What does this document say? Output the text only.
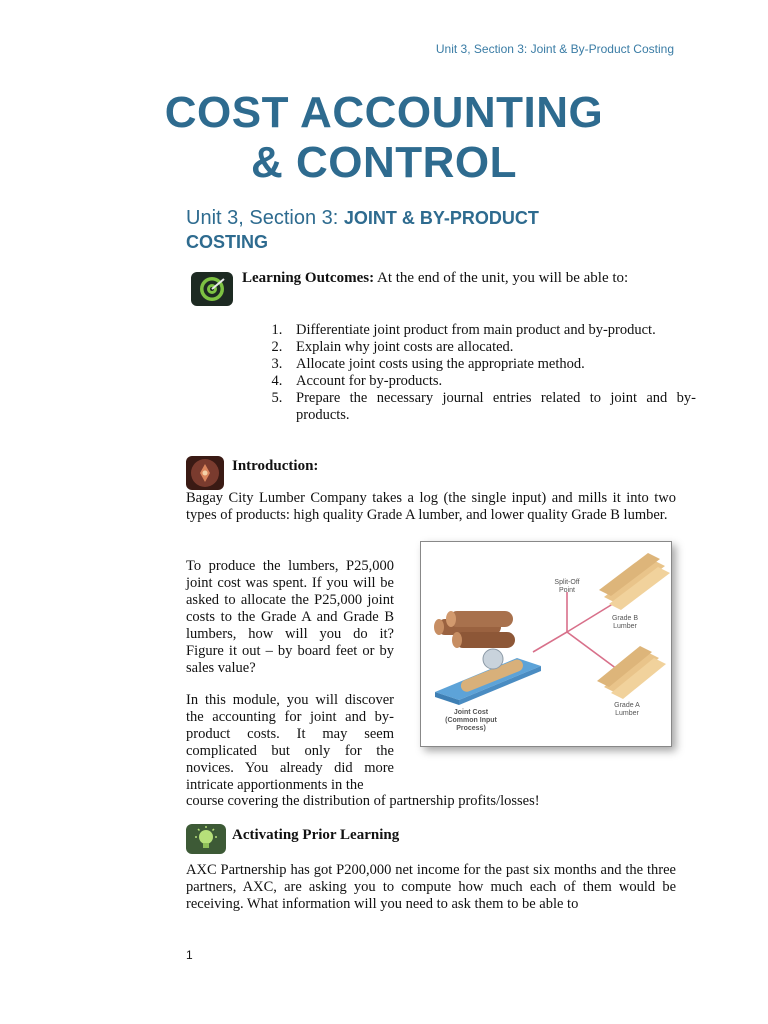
Unit 3, Section 3: Joint & By-Product Costing
COST ACCOUNTING
& CONTROL
Unit 3, Section 3: JOINT & BY-PRODUCT
COSTING
Learning Outcomes: At the end of the unit, you will be able to:
1. Differentiate joint product from main product and by-product.
2. Explain why joint costs are allocated.
3. Allocate joint costs using the appropriate method.
4. Account for by-products.
5. Prepare the necessary journal entries related to joint and by-products.
Introduction:
Bagay City Lumber Company takes a log (the single input) and mills it into two types of products: high quality Grade A lumber, and lower quality Grade B lumber.
To produce the lumbers, P25,000 joint cost was spent. If you will be asked to allocate the P25,000 joint costs to the Grade A and Grade B lumbers, how will you do it? Figure it out – by board feet or by sales value?
In this module, you will discover the accounting for joint and by-product costs. It may seem complicated but only for the novices. You already did more intricate apportionments in the
course covering the distribution of partnership profits/losses!
Split-Off
Point
Grade B
Lumber
Grade A
Lumber
Joint Cost
(Common Input
Process)
Activating Prior Learning
AXC Partnership has got P200,000 net income for the past six months and the three partners, AXC, are asking you to compute how much each of them would be receiving. What information will you need to ask them to be able to
1
